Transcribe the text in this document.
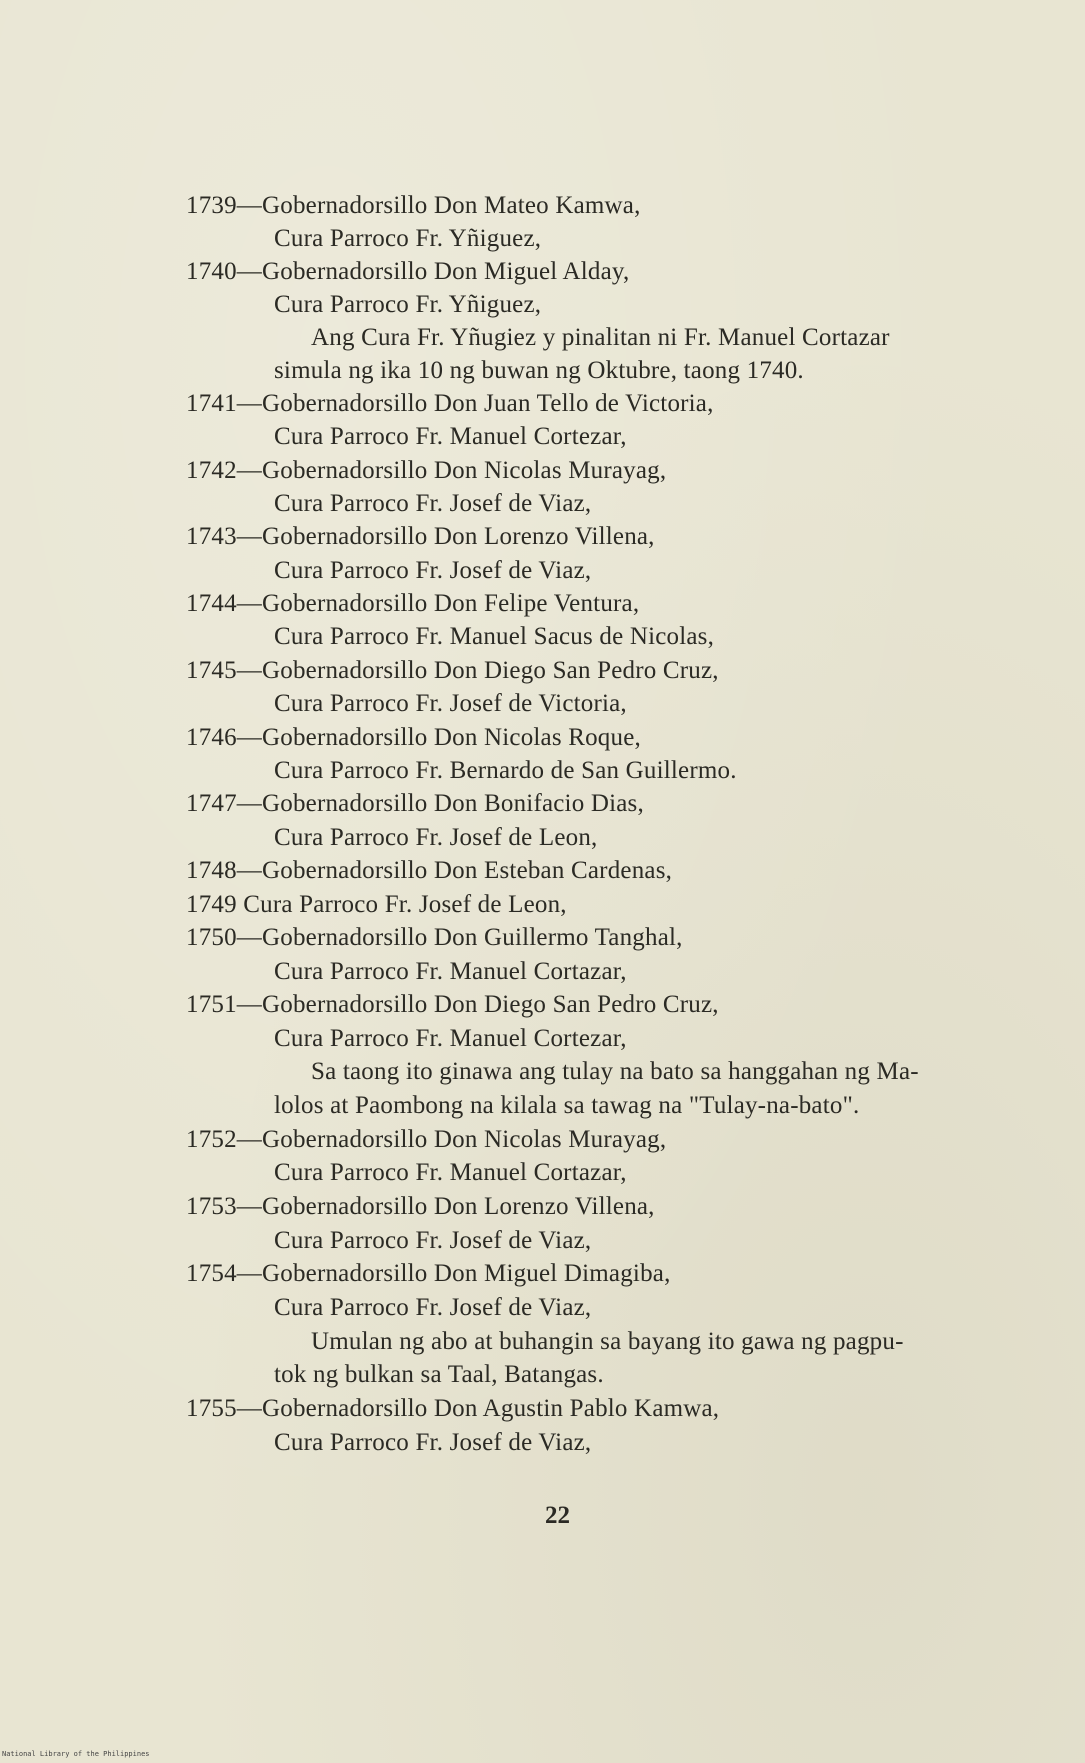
1739—Gobernadorsillo Don Mateo Kamwa,
Cura Parroco Fr. Yñiguez,
1740—Gobernadorsillo Don Miguel Alday,
Cura Parroco Fr. Yñiguez,
Ang Cura Fr. Yñugiez y pinalitan ni Fr. Manuel Cortazar
simula ng ika 10 ng buwan ng Oktubre, taong 1740.
1741—Gobernadorsillo Don Juan Tello de Victoria,
Cura Parroco Fr. Manuel Cortezar,
1742—Gobernadorsillo Don Nicolas Murayag,
Cura Parroco Fr. Josef de Viaz,
1743—Gobernadorsillo Don Lorenzo Villena,
Cura Parroco Fr. Josef de Viaz,
1744—Gobernadorsillo Don Felipe Ventura,
Cura Parroco Fr. Manuel Sacus de Nicolas,
1745—Gobernadorsillo Don Diego San Pedro Cruz,
Cura Parroco Fr. Josef de Victoria,
1746—Gobernadorsillo Don Nicolas Roque,
Cura Parroco Fr. Bernardo de San Guillermo.
1747—Gobernadorsillo Don Bonifacio Dias,
Cura Parroco Fr. Josef de Leon,
1748—Gobernadorsillo Don Esteban Cardenas,
1749 Cura Parroco Fr. Josef de Leon,
1750—Gobernadorsillo Don Guillermo Tanghal,
Cura Parroco Fr. Manuel Cortazar,
1751—Gobernadorsillo Don Diego San Pedro Cruz,
Cura Parroco Fr. Manuel Cortezar,
Sa taong ito ginawa ang tulay na bato sa hanggahan ng Ma-
lolos at Paombong na kilala sa tawag na "Tulay-na-bato".
1752—Gobernadorsillo Don Nicolas Murayag,
Cura Parroco Fr. Manuel Cortazar,
1753—Gobernadorsillo Don Lorenzo Villena,
Cura Parroco Fr. Josef de Viaz,
1754—Gobernadorsillo Don Miguel Dimagiba,
Cura Parroco Fr. Josef de Viaz,
Umulan ng abo at buhangin sa bayang ito gawa ng pagpu-
tok ng bulkan sa Taal, Batangas.
1755—Gobernadorsillo Don Agustin Pablo Kamwa,
Cura Parroco Fr. Josef de Viaz,
22
National Library of the Philippines
